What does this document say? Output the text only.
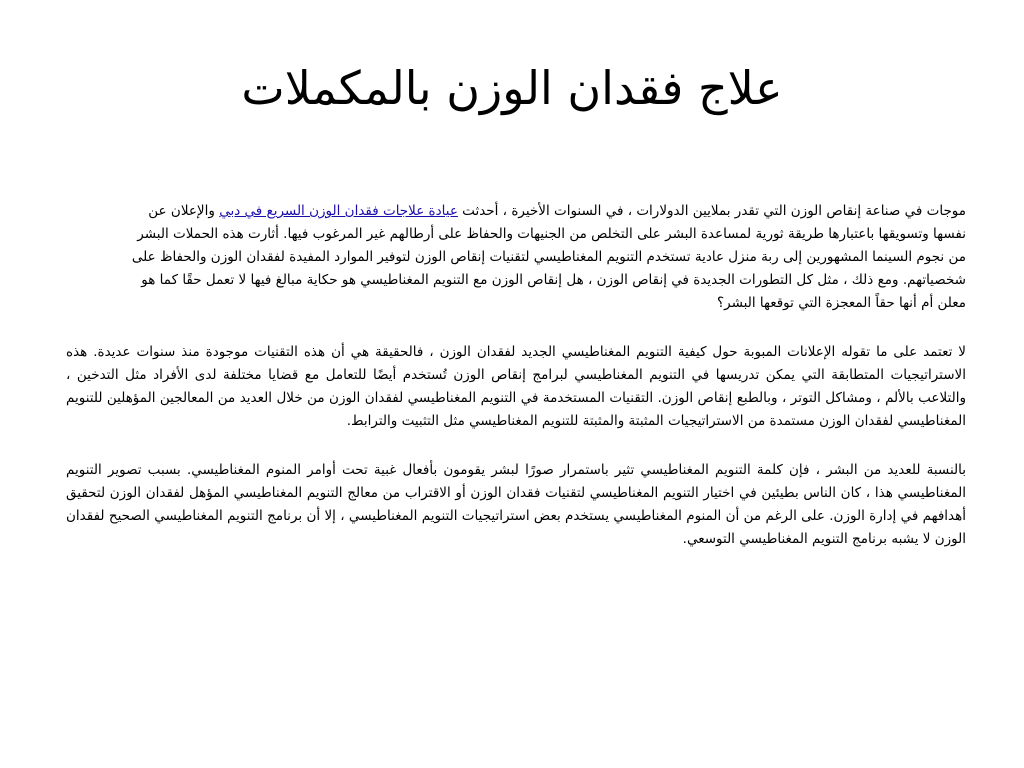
علاج فقدان الوزن بالمكملات

موجات في صناعة إنقاص الوزن التي تقدر بملايين الدولارات ، في السنوات الأخيرة ، أحدثت عيادة علاجات فقدان الوزن السريع في دبي والإعلان عن نفسها وتسويقها باعتبارها طريقة ثورية لمساعدة البشر على التخلص من الجنيهات والحفاظ على أرطالهم غير المرغوب فيها. أثارت هذه الحملات البشر من نجوم السينما المشهورين إلى ربة منزل عادية تستخدم التنويم المغناطيسي لتقنيات إنقاص الوزن لتوفير الموارد المفيدة لفقدان الوزن والحفاظ على شخصياتهم. ومع ذلك ، مثل كل التطورات الجديدة في إنقاص الوزن ، هل إنقاص الوزن مع التنويم المغناطيسي هو حكاية مبالغ فيها لا تعمل حقًا كما هو معلن أم أنها حقاً المعجزة التي توقعها البشر؟

لا تعتمد على ما تقوله الإعلانات المبوبة حول كيفية التنويم المغناطيسي الجديد لفقدان الوزن ، فالحقيقة هي أن هذه التقنيات موجودة منذ سنوات عديدة. هذه الاستراتيجيات المتطابقة التي يمكن تدريسها في التنويم المغناطيسي لبرامج إنقاص الوزن تُستخدم أيضًا للتعامل مع قضايا مختلفة لدى الأفراد مثل التدخين ، والتلاعب بالألم ، ومشاكل التوتر ، وبالطبع إنقاص الوزن. التقنيات المستخدمة في التنويم المغناطيسي لفقدان الوزن من خلال العديد من المعالجين المؤهلين للتنويم المغناطيسي لفقدان الوزن مستمدة من الاستراتيجيات المثبتة والمثبتة للتنويم المغناطيسي مثل التثبيت والترابط.

بالنسبة للعديد من البشر ، فإن كلمة التنويم المغناطيسي تثير باستمرار صورًا لبشر يقومون بأفعال غبية تحت أوامر المنوم المغناطيسي. بسبب تصوير التنويم المغناطيسي هذا ، كان الناس بطيئين في اختيار التنويم المغناطيسي لتقنيات فقدان الوزن أو الاقتراب من معالج التنويم المغناطيسي المؤهل لفقدان الوزن لتحقيق أهدافهم في إدارة الوزن. على الرغم من أن المنوم المغناطيسي يستخدم بعض استراتيجيات التنويم المغناطيسي ، إلا أن برنامج التنويم المغناطيسي الصحيح لفقدان الوزن لا يشبه برنامج التنويم المغناطيسي التوسعي.
